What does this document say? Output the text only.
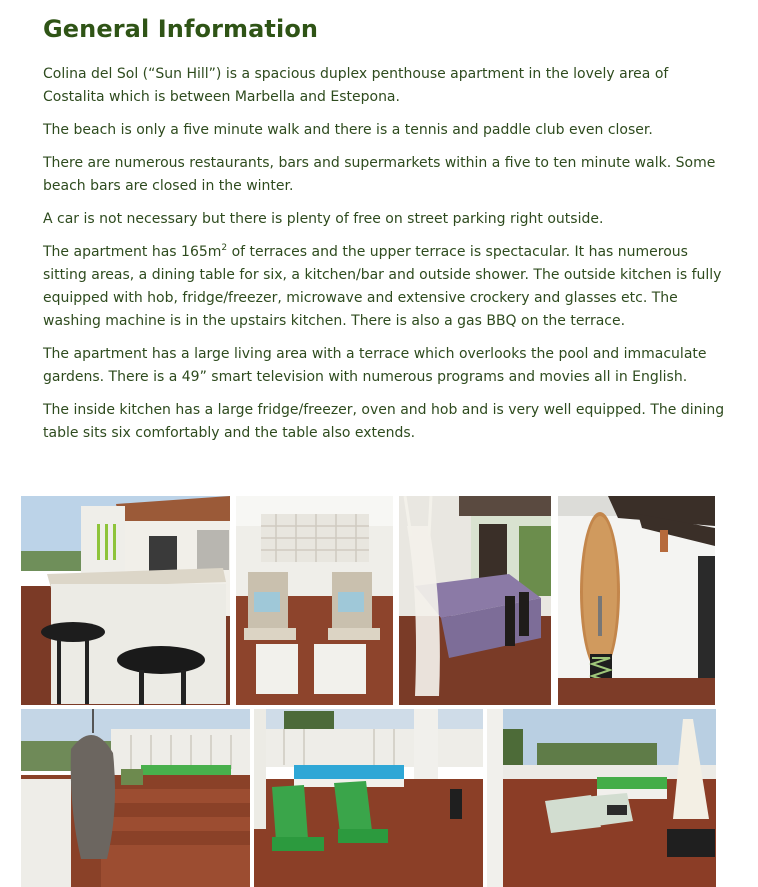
General Information

Colina del Sol (“Sun Hill”) is a spacious duplex penthouse apartment in the lovely area of Costalita which is between Marbella and Estepona.

The beach is only a five minute walk and there is a tennis and paddle club even closer.

There are numerous restaurants, bars and supermarkets within a five to ten minute walk. Some beach bars are closed in the winter.

A car is not necessary but there is plenty of free on street parking right outside.

The apartment has $165m^2$ of terraces and the upper terrace is spectacular. It has numerous sitting areas, a dining table for six, a kitchen/bar and outside shower. The outside kitchen is fully equipped with hob, fridge/freezer, microwave and extensive crockery and glasses etc. The washing machine is in the upstairs kitchen. There is also a gas BBQ on the terrace.

The apartment has a large living area with a terrace which overlooks the pool and immaculate gardens. There is a 49” smart television with numerous programs and movies all in English.

The inside kitchen has a large fridge/freezer, oven and hob and is very well equipped. The dining table sits six comfortably and the table also extends.
